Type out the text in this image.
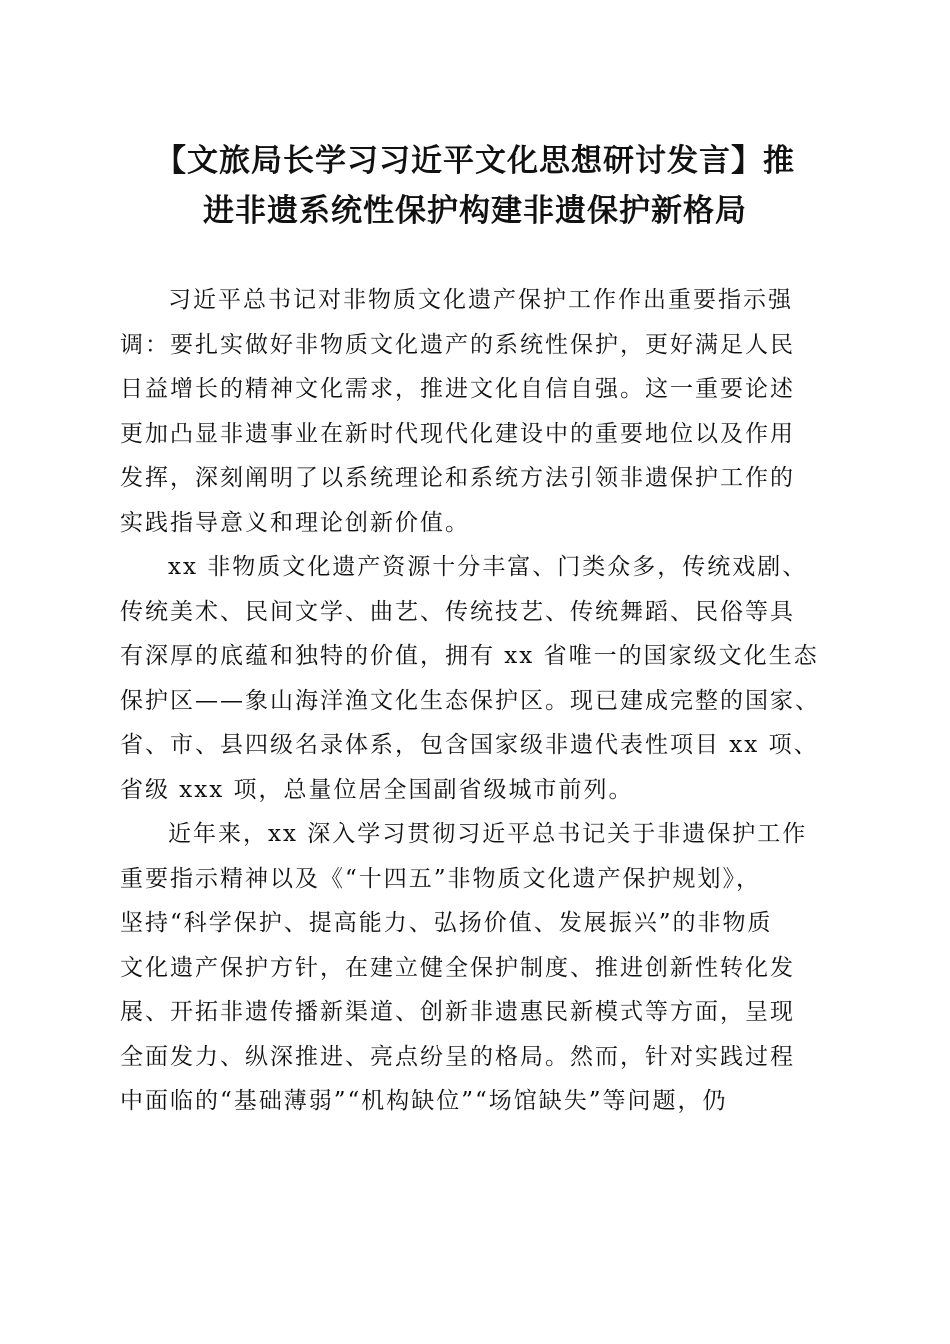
【文旅局长学习习近平文化思想研讨发言】推
进非遗系统性保护构建非遗保护新格局

习近平总书记对非物质文化遗产保护工作作出重要指示强
调：要扎实做好非物质文化遗产的系统性保护，更好满足人民
日益增长的精神文化需求，推进文化自信自强。这一重要论述
更加凸显非遗事业在新时代现代化建设中的重要地位以及作用
发挥，深刻阐明了以系统理论和系统方法引领非遗保护工作的
实践指导意义和理论创新价值。

xx 非物质文化遗产资源十分丰富、门类众多，传统戏剧、
传统美术、民间文学、曲艺、传统技艺、传统舞蹈、民俗等具
有深厚的底蕴和独特的价值，拥有 xx 省唯一的国家级文化生态
保护区——象山海洋渔文化生态保护区。现已建成完整的国家、
省、市、县四级名录体系，包含国家级非遗代表性项目 xx 项、
省级 xxx 项，总量位居全国副省级城市前列。

近年来，xx 深入学习贯彻习近平总书记关于非遗保护工作
重要指示精神以及《“十四五”非物质文化遗产保护规划》，
坚持“科学保护、提高能力、弘扬价值、发展振兴”的非物质
文化遗产保护方针，在建立健全保护制度、推进创新性转化发
展、开拓非遗传播新渠道、创新非遗惠民新模式等方面，呈现
全面发力、纵深推进、亮点纷呈的格局。然而，针对实践过程
中面临的“基础薄弱”“机构缺位”“场馆缺失”等问题，仍
